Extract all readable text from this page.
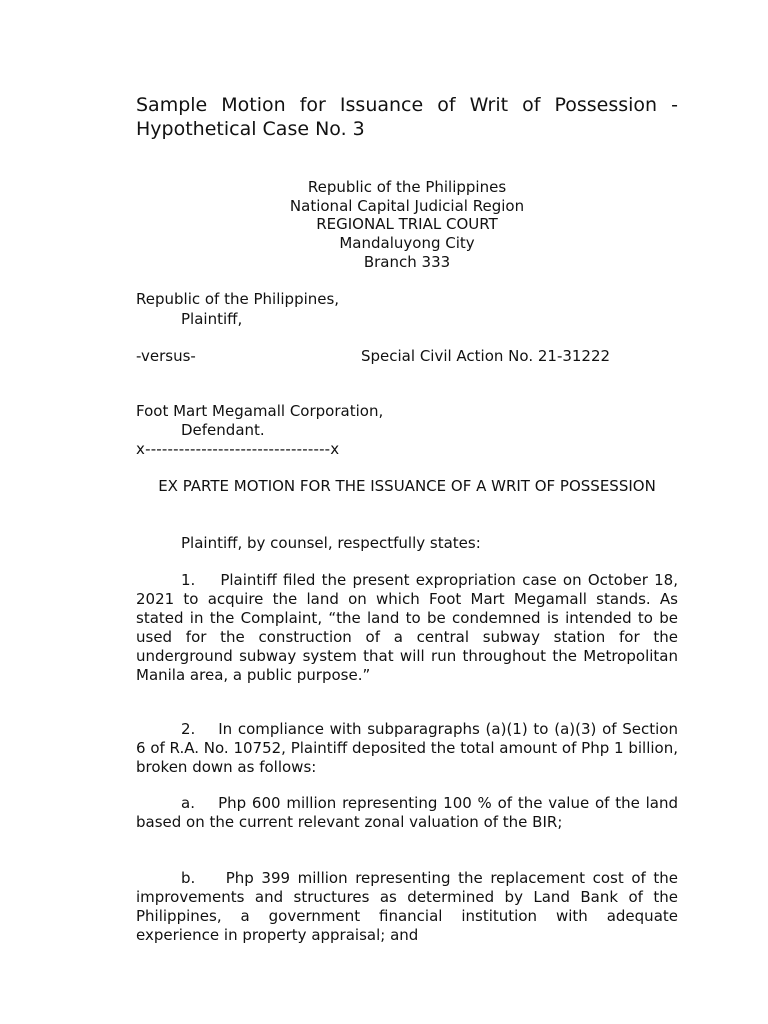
Sample Motion for Issuance of Writ of Possession - Hypothetical Case No. 3
Republic of the Philippines
National Capital Judicial Region
REGIONAL TRIAL COURT
Mandaluyong City
Branch 333
Republic of the Philippines,
Plaintiff,
-versus-	Special Civil Action No. 21-31222
Foot Mart Megamall Corporation,
Defendant.
x---------------------------------x
EX PARTE MOTION FOR THE ISSUANCE OF A WRIT OF POSSESSION
Plaintiff, by counsel, respectfully states:
1.    Plaintiff filed the present expropriation case on October 18, 2021 to acquire the land on which Foot Mart Megamall stands. As stated in the Complaint, “the land to be condemned is intended to be used for the construction of a central subway station for the underground subway system that will run throughout the Metropolitan Manila area, a public purpose.”
2.    In compliance with subparagraphs (a)(1) to (a)(3) of Section 6 of R.A. No. 10752, Plaintiff deposited the total amount of Php 1 billion, broken down as follows:
a.    Php 600 million representing 100 % of the value of the land based on the current relevant zonal valuation of the BIR;
b.    Php 399 million representing the replacement cost of the improvements and structures as determined by Land Bank of the Philippines, a government financial institution with adequate experience in property appraisal; and
